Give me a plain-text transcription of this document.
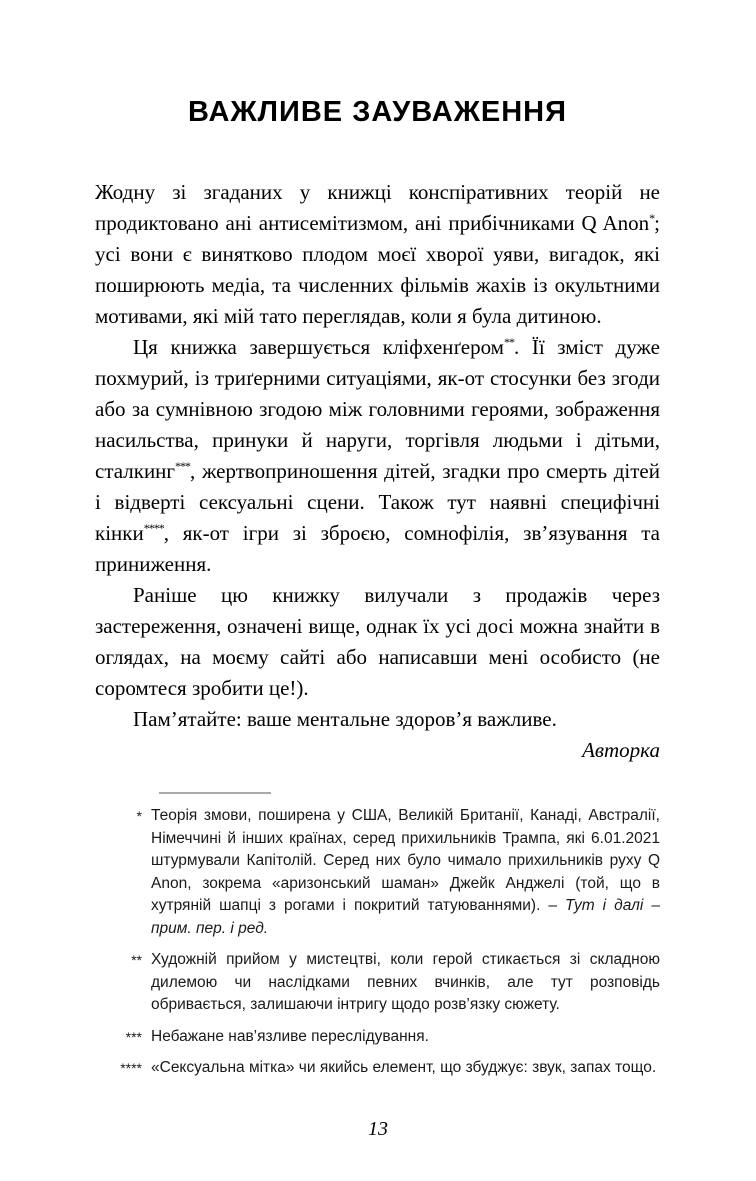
ВАЖЛИВЕ ЗАУВАЖЕННЯ

Жодну зі згаданих у книжці конспіративних теорій не продиктовано ані антисемітизмом, ані прибічниками Q Anon*; усі вони є винятково плодом моєї хворої уяви, вигадок, які поширюють медіа, та численних фільмів жахів із окультними мотивами, які мій тато переглядав, коли я була дитиною.

Ця книжка завершується кліфхенґером**. Її зміст дуже похмурий, із триґерними ситуаціями, як-от стосунки без згоди або за сумнівною згодою між головними героями, зображення насильства, принуки й наруги, торгівля людьми і дітьми, сталкинг***, жертвоприношення дітей, згадки про смерть дітей і відверті сексуальні сцени. Також тут наявні специфічні кінки****, як-от ігри зі зброєю, сомнофілія, зв’язування та приниження.

Раніше цю книжку вилучали з продажів через застереження, означені вище, однак їх усі досі можна знайти в оглядах, на моєму сайті або написавши мені особисто (не соромтеся зробити це!).

Пам’ятайте: ваше ментальне здоров’я важливе.

Авторка
* Теорія змови, поширена у США, Великій Британії, Канаді, Австралії, Німеччині й інших країнах, серед прихильників Трампа, які 6.01.2021 штурмували Капітолій. Серед них було чимало прихильників руху Q Anon, зокрема «аризонський шаман» Джейк Анджелі (той, що в хутряній шапці з рогами і покритий татуюваннями). – Тут і далі – прим. пер. і ред.
** Художній прийом у мистецтві, коли герой стикається зі складною дилемою чи наслідками певних вчинків, але тут розповідь обривається, залишаючи інтригу щодо розв’язку сюжету.
*** Небажане нав’язливе переслідування.
**** «Сексуальна мітка» чи якийсь елемент, що збуджує: звук, запах тощо.
13
